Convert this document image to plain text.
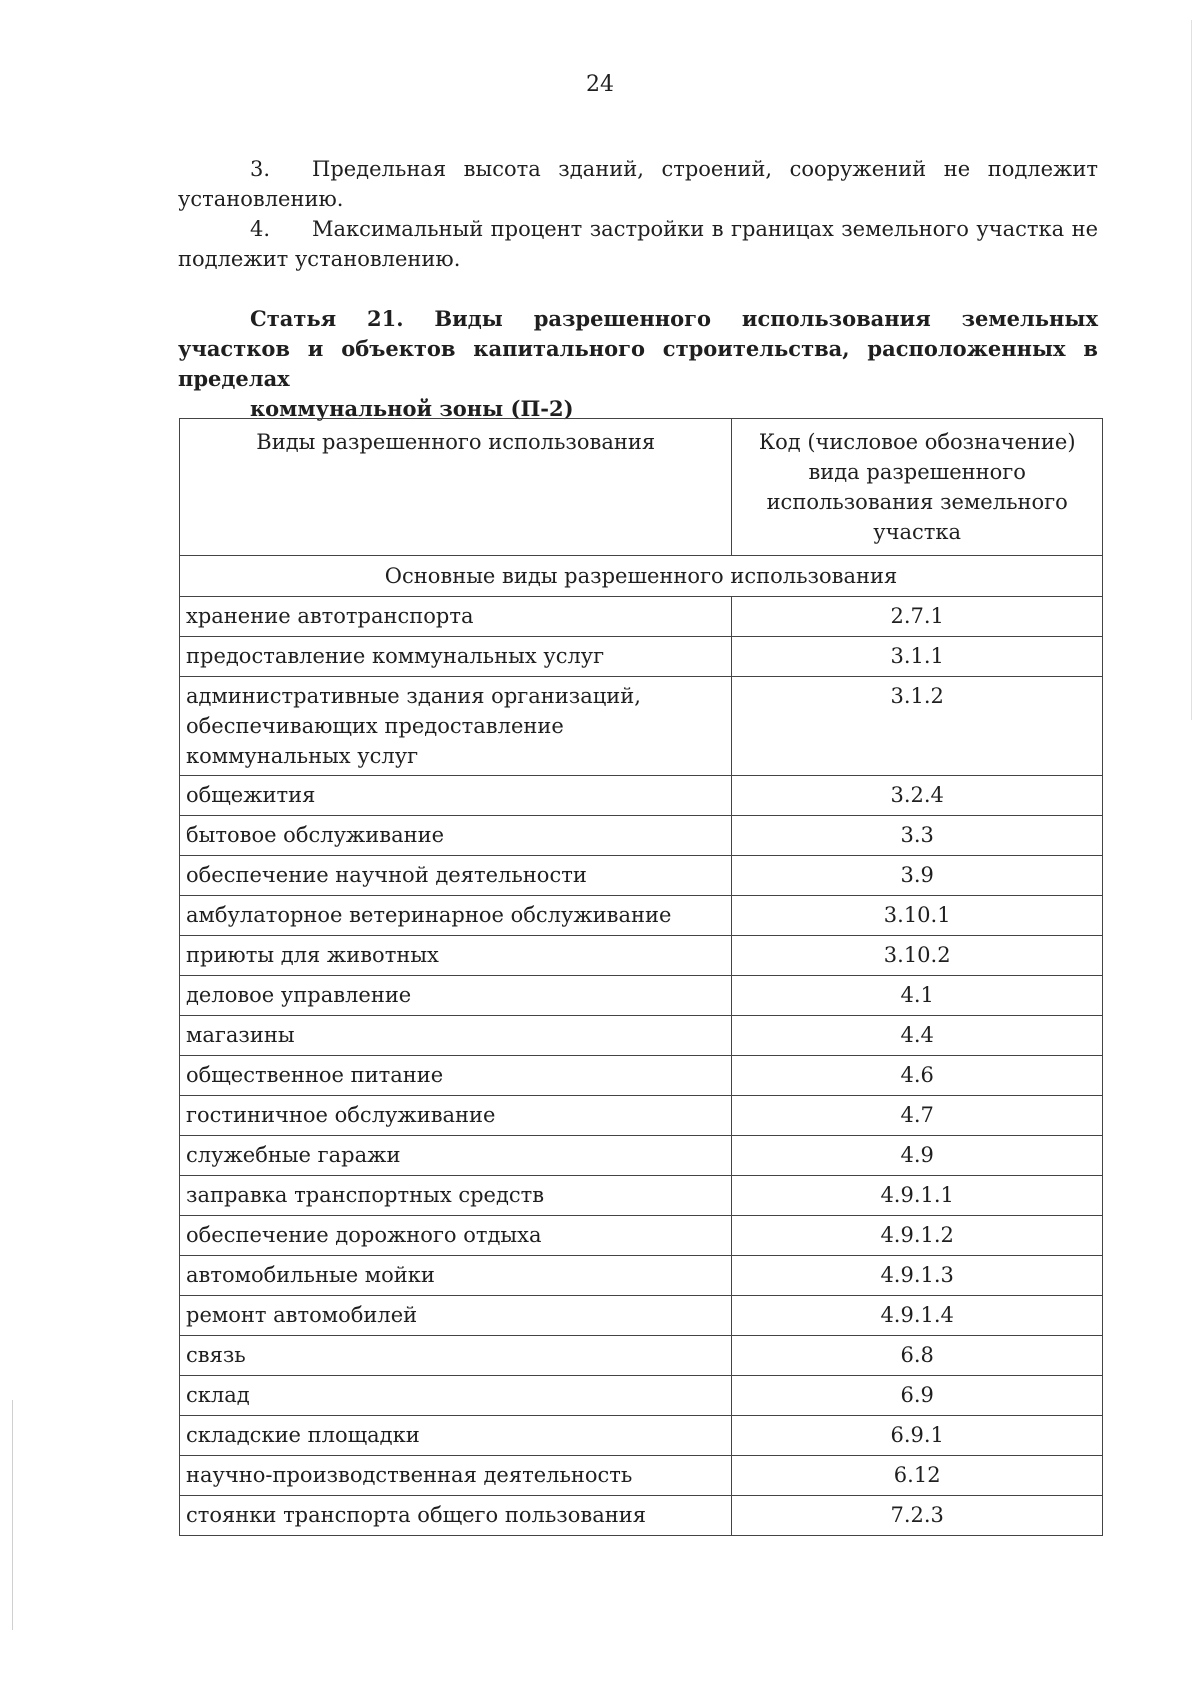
24
3. Предельная высота зданий, строений, сооружений не подлежит установлению.
4. Максимальный процент застройки в границах земельного участка не подлежит установлению.
Статья 21. Виды разрешенного использования земельных участков и объектов капитального строительства, расположенных в пределах
коммунальной зоны (П-2)
Виды разрешенного использования	Код (числовое обозначение) вида разрешенного использования земельного участка
Основные виды разрешенного использования	
хранение автотранспорта	2.7.1
предоставление коммунальных услуг	3.1.1
административные здания организаций, обеспечивающих предоставление коммунальных услуг	3.1.2
общежития	3.2.4
бытовое обслуживание	3.3
обеспечение научной деятельности	3.9
амбулаторное ветеринарное обслуживание	3.10.1
приюты для животных	3.10.2
деловое управление	4.1
магазины	4.4
общественное питание	4.6
гостиничное обслуживание	4.7
служебные гаражи	4.9
заправка транспортных средств	4.9.1.1
обеспечение дорожного отдыха	4.9.1.2
автомобильные мойки	4.9.1.3
ремонт автомобилей	4.9.1.4
связь	6.8
склад	6.9
складские площадки	6.9.1
научно-производственная деятельность	6.12
стоянки транспорта общего пользования	7.2.3
